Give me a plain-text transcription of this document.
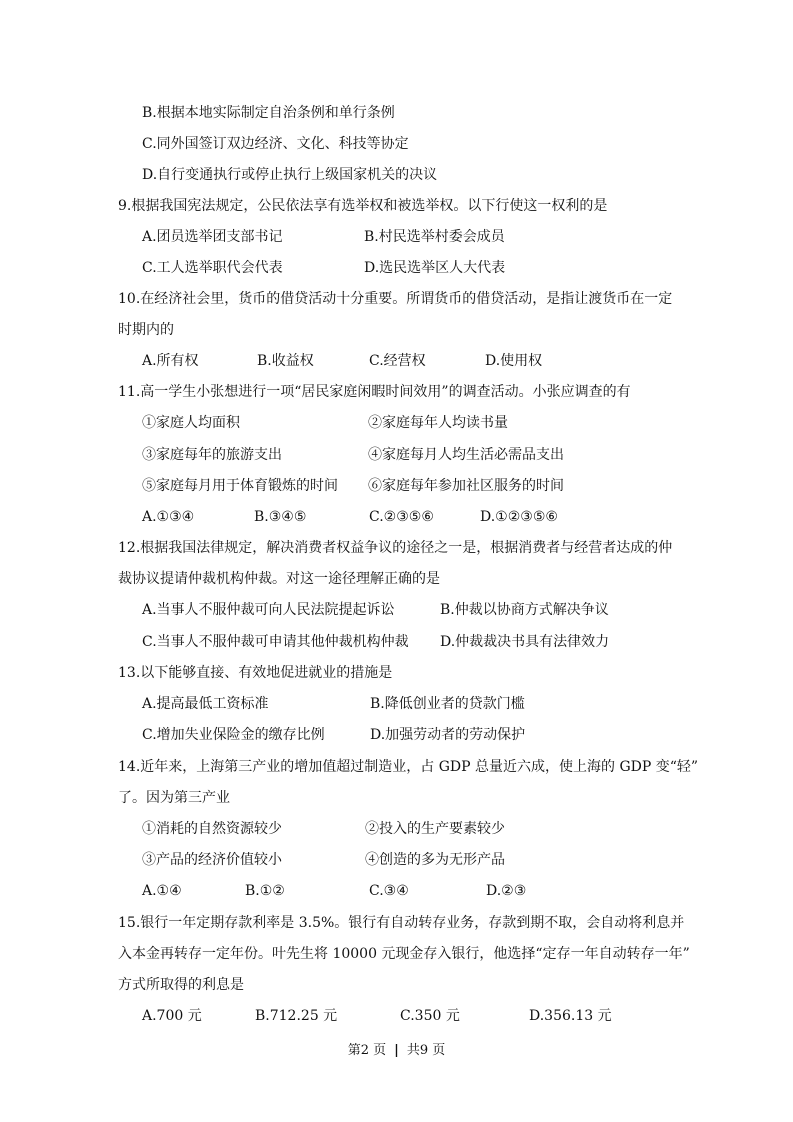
B.根据本地实际制定自治条例和单行条例
C.同外国签订双边经济、文化、科技等协定
D.自行变通执行或停止执行上级国家机关的决议
9.根据我国宪法规定，公民依法享有选举权和被选举权。以下行使这一权利的是
A.团员选举团支部书记	B.村民选举村委会成员
C.工人选举职代会代表	D.选民选举区人大代表
10.在经济社会里，货币的借贷活动十分重要。所谓货币的借贷活动，是指让渡货币在一定
时期内的
A.所有权	B.收益权	C.经营权	D.使用权
11.高一学生小张想进行一项“居民家庭闲暇时间效用”的调查活动。小张应调查的有
①家庭人均面积	②家庭每年人均读书量
③家庭每年的旅游支出	④家庭每月人均生活必需品支出
⑤家庭每月用于体育锻炼的时间 ⑥家庭每年参加社区服务的时间
A.①③④	B.③④⑤	C.②③⑤⑥	D.①②③⑤⑥
12.根据我国法律规定，解决消费者权益争议的途径之一是，根据消费者与经营者达成的仲
裁协议提请仲裁机构仲裁。对这一途径理解正确的是
A.当事人不服仲裁可向人民法院提起诉讼	B.仲裁以协商方式解决争议
C.当事人不服仲裁可申请其他仲裁机构仲裁 D.仲裁裁决书具有法律效力
13.以下能够直接、有效地促进就业的措施是
A.提高最低工资标准	B.降低创业者的贷款门槛
C.增加失业保险金的缴存比例	D.加强劳动者的劳动保护
14.近年来，上海第三产业的增加值超过制造业，占 GDP 总量近六成，使上海的 GDP 变“轻”
了。因为第三产业
①消耗的自然资源较少	②投入的生产要素较少
③产品的经济价值较小	④创造的多为无形产品
A.①④	B.①②	C.③④	D.②③
15.银行一年定期存款利率是 3.5%。银行有自动转存业务，存款到期不取，会自动将利息并
入本金再转存一定年份。叶先生将 10000 元现金存入银行，他选择“定存一年自动转存一年”
方式所取得的利息是
A.700 元	B.712.25 元	C.350 元	D.356.13 元
第2 页 | 共9 页
